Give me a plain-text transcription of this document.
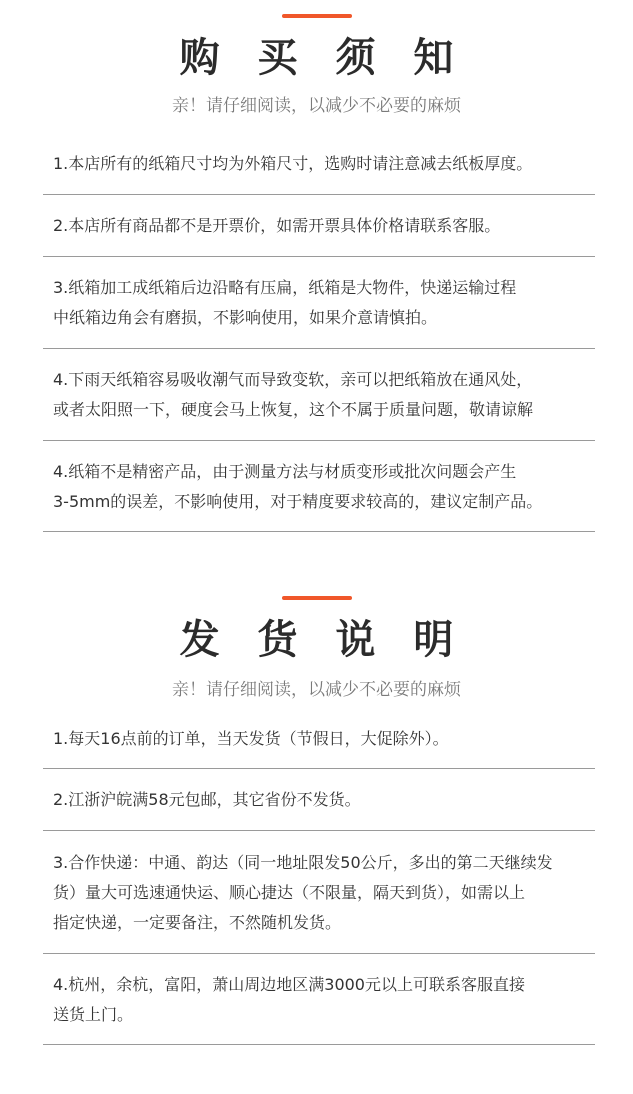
购 买 须 知
亲！请仔细阅读，以减少不必要的麻烦
1.本店所有的纸箱尺寸均为外箱尺寸，选购时请注意减去纸板厚度。
2.本店所有商品都不是开票价，如需开票具体价格请联系客服。
3.纸箱加工成纸箱后边沿略有压扁，纸箱是大物件，快递运输过程
中纸箱边角会有磨损，不影响使用，如果介意请慎拍。
4.下雨天纸箱容易吸收潮气而导致变软，亲可以把纸箱放在通风处，
或者太阳照一下，硬度会马上恢复，这个不属于质量问题，敬请谅解
4.纸箱不是精密产品，由于测量方法与材质变形或批次问题会产生
3-5mm的误差，不影响使用，对于精度要求较高的，建议定制产品。
发 货 说 明
亲！请仔细阅读，以减少不必要的麻烦
1.每天16点前的订单，当天发货（节假日，大促除外）。
2.江浙沪皖满58元包邮，其它省份不发货。
3.合作快递：中通、韵达（同一地址限发50公斤，多出的第二天继续发
货）量大可选速通快运、顺心捷达（不限量，隔天到货），如需以上
指定快递，一定要备注，不然随机发货。
4.杭州，余杭，富阳，萧山周边地区满3000元以上可联系客服直接
送货上门。
